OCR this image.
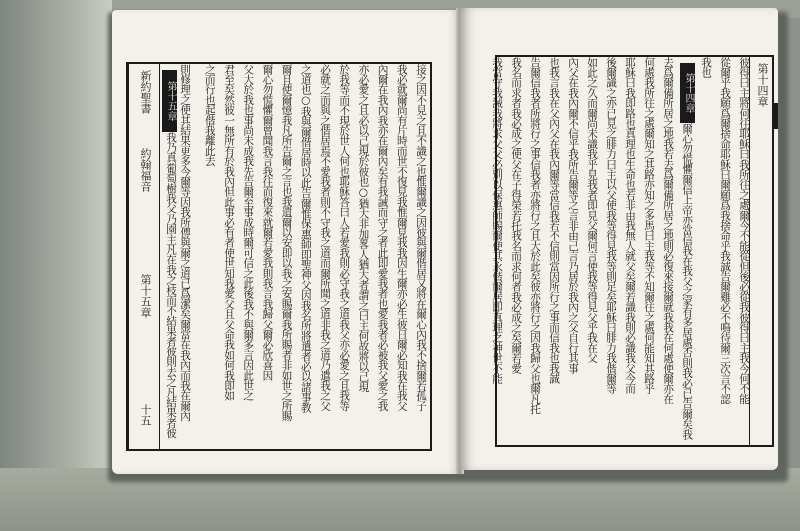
第十五章
我乃真葡萄樹我父乃園主凡在我之枝而不結果者彼則去之凡結果者彼 則修理之使其結果更多今爾等因我所傳與爾之道已爲潔矣爾當在我內而我在爾內
新約聖書
約翰福音
第十五章
十五
接之因不見之且不識之也惟爾識之因彼與爾偕居又將在爾心內我不捨爾若孤子
我必就爾尚有片時而世不復見我惟爾見我我因生爾亦必生彼日爾必知我在我父
內爾在我內我亦在爾內矣有我誡而守之者此即愛我者也愛我者必被我父愛之我
亦必愛之且必以己現於彼也○猶大非加畧人猶大者謂之曰主何故將以己現
於我等而不現於世人何也耶穌答曰人若愛我則必守我之道我父亦必愛之且我等
必就之而與之偕居焉不愛我者則不守我之道而爾所聞之道非我之道乃遣我之父
之道也○我與爾偕居時以此告爾惟保惠師即聖神父因我名所將遣者必以諸事教
爾且使爾憶我凡所告爾之言也我遺爾以安即以我之安賜爾我所賜者非如世之所賜
爾心勿慌懼爾曾聞我言我往而復來就爾若愛我則我言我歸父爾必欣喜因
父大於我也事尚未成我先告爾至事成時爾可信之此後我不與爾多言因此世之
君至矣然彼一無所有於我內但此事必有者使世知我愛父且父命我如何我即如
之而行也起偕我離此去	第十四章
彼得曰主將何往耶穌曰我所往之處爾今不能從但後必從我彼得曰主我今何不能
從爾乎我願爲爾捨命耶穌曰爾願爲我捨命乎我誠告爾雞必不鳴待爾三次言不認
我也
第十四章
爾心勿慌懼爾信上帝亦當信我在我父之家有多居處否則我必已告爾矣我
去爲爾備所居之地我若去爲爾備所居之地則必復來接爾就我我在何處使爾亦在
何處我所往之處爾知之其路亦知之多馬曰主我等不知爾往之處何能知其路乎
耶穌曰我即路也真理也生命也若非由我無人就父矣爾若識我則必識我父今而
後爾識之亦已見之腓力曰主以父使我等得見我等則足矣耶穌曰腓力我偕爾等
如此之久而爾尚未識我乎見我者即見父爾何言使我等得見父乎我在父
內父在我內爾不信乎我所告爾等之言非由己言乃居於我內之父自行其事
也我言我在父內父在我內爾等當信我若不信則當因所行之事而信我也我誠
告爾信我者所將行之事信我者亦將行之且大於此矣彼亦將行之因我歸父也爾凡托
我名而求者我必成之使父在子得榮若托我名而求何者我必成之矣爾若愛
我當守我誡我將求父父必別以保惠師賜爾使其永偕爾居即真理之神世不能
